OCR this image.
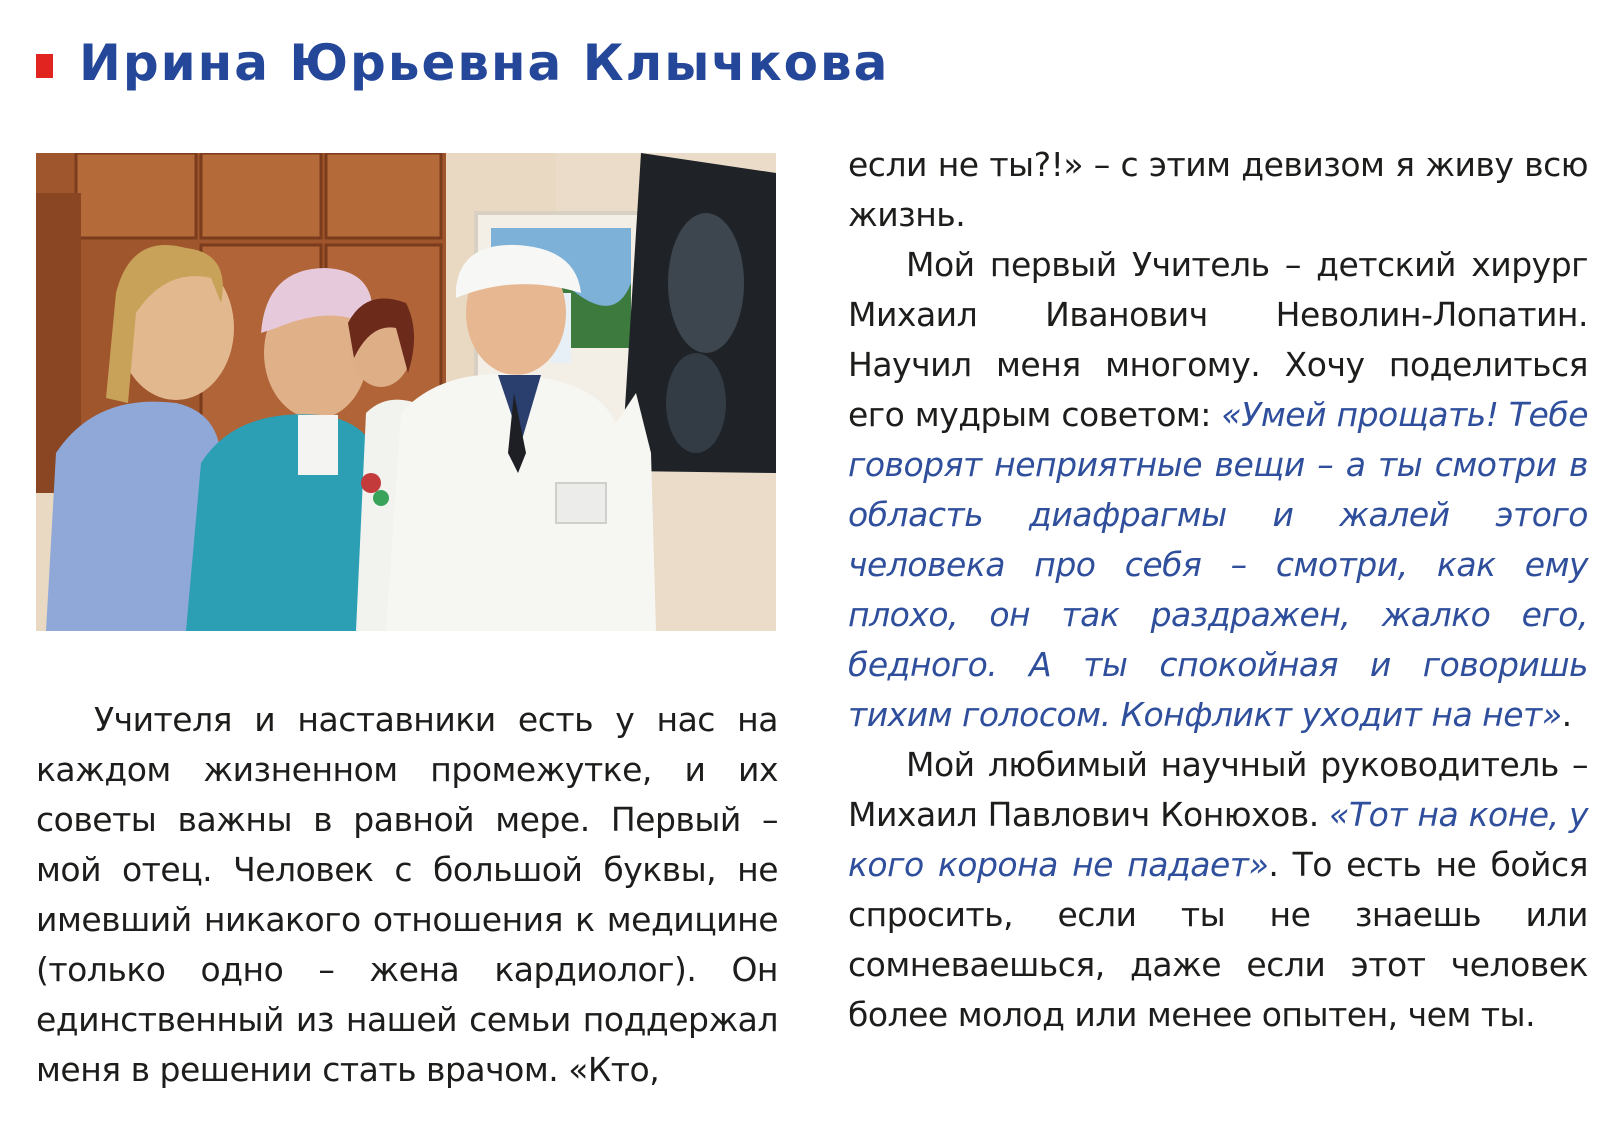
Ирина Юрьевна Клычкова

Учителя и наставники есть у нас на каждом жизненном промежутке, и их советы важны в равной мере. Первый – мой отец. Человек с большой буквы, не имевший никакого отношения к медицине (только одно – жена кардиолог). Он единственный из нашей семьи поддержал меня в решении стать врачом. «Кто,

если не ты?!» – с этим девизом я живу всю жизнь.

Мой первый Учитель – детский хирург Михаил Иванович Неволин-Лопатин. Научил меня многому. Хочу поделиться его мудрым советом: «Умей прощать! Тебе говорят неприятные вещи – а ты смотри в область диафрагмы и жалей этого человека про себя – смотри, как ему плохо, он так раздражен, жалко его, бедного. А ты спокойная и говоришь тихим голосом. Конфликт уходит на нет».

Мой любимый научный руководитель – Михаил Павлович Конюхов. «Тот на коне, у кого корона не падает». То есть не бойся спросить, если ты не знаешь или сомневаешься, даже если этот человек более молод или менее опытен, чем ты.
